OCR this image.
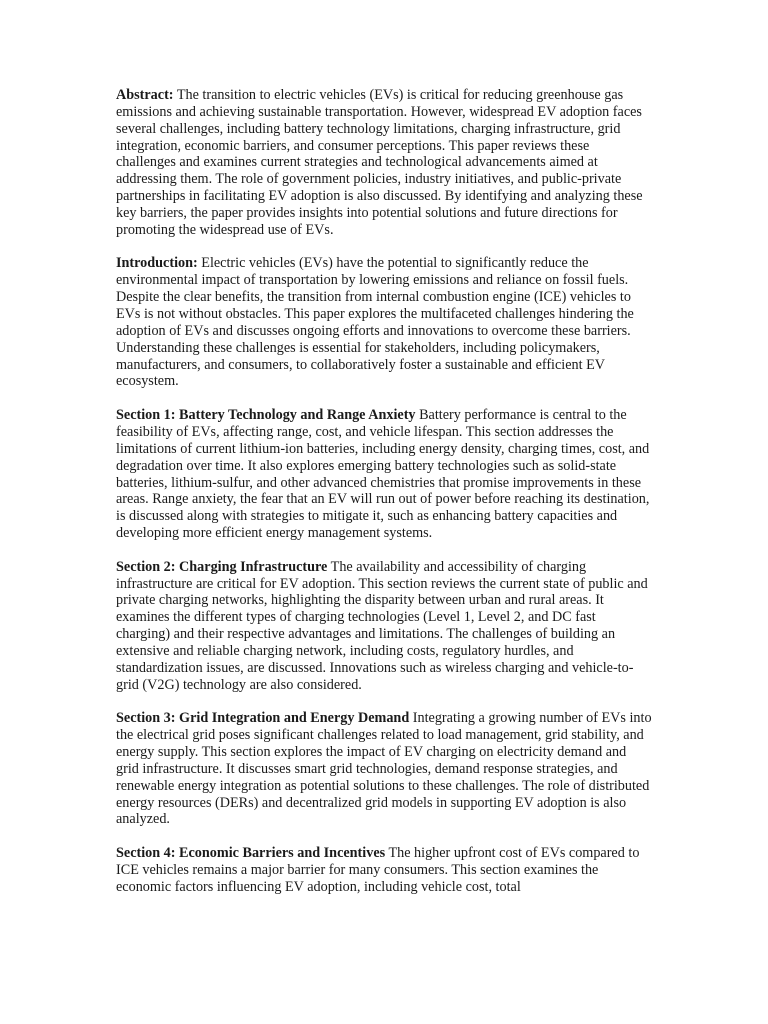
Abstract: The transition to electric vehicles (EVs) is critical for reducing greenhouse gas emissions and achieving sustainable transportation. However, widespread EV adoption faces several challenges, including battery technology limitations, charging infrastructure, grid integration, economic barriers, and consumer perceptions. This paper reviews these challenges and examines current strategies and technological advancements aimed at addressing them. The role of government policies, industry initiatives, and public-private partnerships in facilitating EV adoption is also discussed. By identifying and analyzing these key barriers, the paper provides insights into potential solutions and future directions for promoting the widespread use of EVs.

Introduction: Electric vehicles (EVs) have the potential to significantly reduce the environmental impact of transportation by lowering emissions and reliance on fossil fuels. Despite the clear benefits, the transition from internal combustion engine (ICE) vehicles to EVs is not without obstacles. This paper explores the multifaceted challenges hindering the adoption of EVs and discusses ongoing efforts and innovations to overcome these barriers. Understanding these challenges is essential for stakeholders, including policymakers, manufacturers, and consumers, to collaboratively foster a sustainable and efficient EV ecosystem.

Section 1: Battery Technology and Range Anxiety Battery performance is central to the feasibility of EVs, affecting range, cost, and vehicle lifespan. This section addresses the limitations of current lithium-ion batteries, including energy density, charging times, cost, and degradation over time. It also explores emerging battery technologies such as solid-state batteries, lithium-sulfur, and other advanced chemistries that promise improvements in these areas. Range anxiety, the fear that an EV will run out of power before reaching its destination, is discussed along with strategies to mitigate it, such as enhancing battery capacities and developing more efficient energy management systems.

Section 2: Charging Infrastructure The availability and accessibility of charging infrastructure are critical for EV adoption. This section reviews the current state of public and private charging networks, highlighting the disparity between urban and rural areas. It examines the different types of charging technologies (Level 1, Level 2, and DC fast charging) and their respective advantages and limitations. The challenges of building an extensive and reliable charging network, including costs, regulatory hurdles, and standardization issues, are discussed. Innovations such as wireless charging and vehicle-to-grid (V2G) technology are also considered.

Section 3: Grid Integration and Energy Demand Integrating a growing number of EVs into the electrical grid poses significant challenges related to load management, grid stability, and energy supply. This section explores the impact of EV charging on electricity demand and grid infrastructure. It discusses smart grid technologies, demand response strategies, and renewable energy integration as potential solutions to these challenges. The role of distributed energy resources (DERs) and decentralized grid models in supporting EV adoption is also analyzed.

Section 4: Economic Barriers and Incentives The higher upfront cost of EVs compared to ICE vehicles remains a major barrier for many consumers. This section examines the economic factors influencing EV adoption, including vehicle cost, total
